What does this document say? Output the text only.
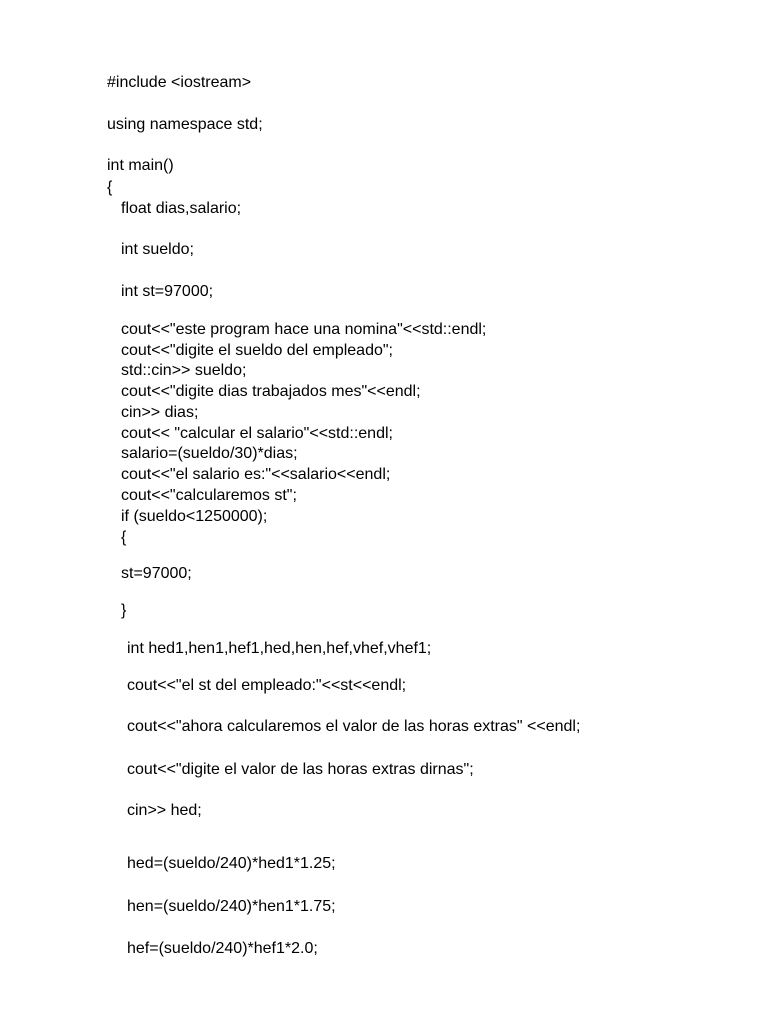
#include <iostream>

using namespace std;

int main()

{

float dias,salario;

int sueldo;

int st=97000;

cout<<"este program hace una nomina"<<std::endl;

cout<<"digite el sueldo del empleado";

std::cin>> sueldo;

cout<<"digite dias trabajados mes"<<endl;

cin>> dias;

cout<< "calcular el salario"<<std::endl;

salario=(sueldo/30)*dias;

cout<<"el salario es:"<<salario<<endl;

cout<<"calcularemos st";

if (sueldo<1250000);

{

st=97000;

}

int hed1,hen1,hef1,hed,hen,hef,vhef,vhef1;

cout<<"el st del empleado:"<<st<<endl;

cout<<"ahora calcularemos el valor de las horas extras" <<endl;

cout<<"digite el valor de las horas extras dirnas";

cin>> hed;

hed=(sueldo/240)*hed1*1.25;

hen=(sueldo/240)*hen1*1.75;

hef=(sueldo/240)*hef1*2.0;
